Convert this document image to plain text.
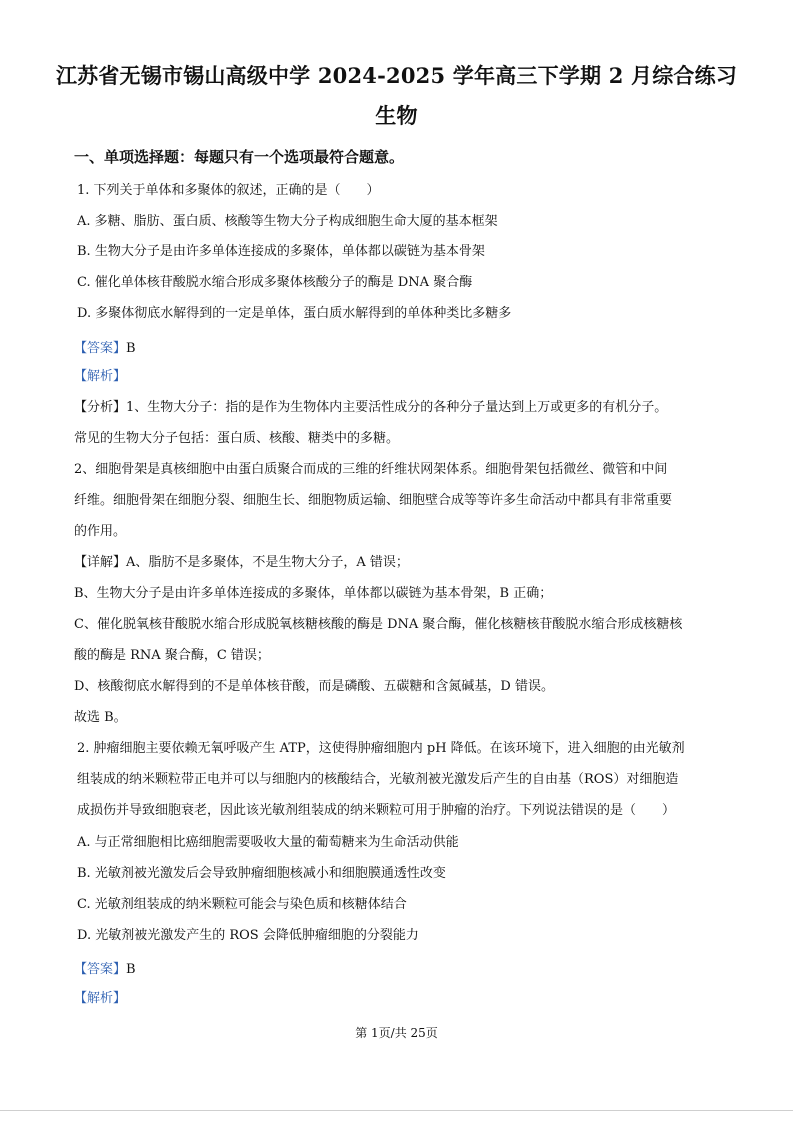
江苏省无锡市锡山高级中学 2024-2025 学年高三下学期 2 月综合练习
生物
一、单项选择题：每题只有一个选项最符合题意。
1. 下列关于单体和多聚体的叙述，正确的是（　　）
A. 多糖、脂肪、蛋白质、核酸等生物大分子构成细胞生命大厦的基本框架
B. 生物大分子是由许多单体连接成的多聚体，单体都以碳链为基本骨架
C. 催化单体核苷酸脱水缩合形成多聚体核酸分子的酶是 DNA 聚合酶
D. 多聚体彻底水解得到的一定是单体，蛋白质水解得到的单体种类比多糖多
【答案】B
【解析】
【分析】1、生物大分子：指的是作为生物体内主要活性成分的各种分子量达到上万或更多的有机分子。
常见的生物大分子包括：蛋白质、核酸、糖类中的多糖。
2、细胞骨架是真核细胞中由蛋白质聚合而成的三维的纤维状网架体系。细胞骨架包括微丝、微管和中间
纤维。细胞骨架在细胞分裂、细胞生长、细胞物质运输、细胞壁合成等等许多生命活动中都具有非常重要
的作用。
【详解】A、脂肪不是多聚体，不是生物大分子，A 错误；
B、生物大分子是由许多单体连接成的多聚体，单体都以碳链为基本骨架，B 正确；
C、催化脱氧核苷酸脱水缩合形成脱氧核糖核酸的酶是 DNA 聚合酶，催化核糖核苷酸脱水缩合形成核糖核
酸的酶是 RNA 聚合酶，C 错误；
D、核酸彻底水解得到的不是单体核苷酸，而是磷酸、五碳糖和含氮碱基，D 错误。
故选 B。
2. 肿瘤细胞主要依赖无氧呼吸产生 ATP，这使得肿瘤细胞内 pH 降低。在该环境下，进入细胞的由光敏剂
组装成的纳米颗粒带正电并可以与细胞内的核酸结合，光敏剂被光激发后产生的自由基（ROS）对细胞造
成损伤并导致细胞衰老，因此该光敏剂组装成的纳米颗粒可用于肿瘤的治疗。下列说法错误的是（　　）
A. 与正常细胞相比癌细胞需要吸收大量的葡萄糖来为生命活动供能
B. 光敏剂被光激发后会导致肿瘤细胞核减小和细胞膜通透性改变
C. 光敏剂组装成的纳米颗粒可能会与染色质和核糖体结合
D. 光敏剂被光激发产生的 ROS 会降低肿瘤细胞的分裂能力
【答案】B
【解析】
第 1页/共 25页
